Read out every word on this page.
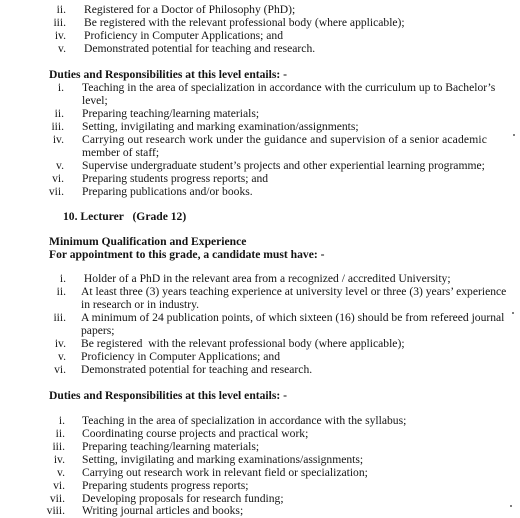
ii. Registered for a Doctor of Philosophy (PhD);
iii. Be registered with the relevant professional body (where applicable);
iv. Proficiency in Computer Applications; and
v. Demonstrated potential for teaching and research.
Duties and Responsibilities at this level entails: -
i. Teaching in the area of specialization in accordance with the curriculum up to Bachelor’s
level;
ii. Preparing teaching/learning materials;
iii. Setting, invigilating and marking examination/assignments;
iv. Carrying out research work under the guidance and supervision of a senior academic
member of staff;
v. Supervise undergraduate student’s projects and other experiential learning programme;
vi. Preparing students progress reports; and
vii. Preparing publications and/or books.
10. Lecturer   (Grade 12)
Minimum Qualification and Experience
For appointment to this grade, a candidate must have: -
i. Holder of a PhD in the relevant area from a recognized / accredited University;
ii. At least three (3) years teaching experience at university level or three (3) years’ experience
in research or in industry.
iii. A minimum of 24 publication points, of which sixteen (16) should be from refereed journal
papers;
iv. Be registered  with the relevant professional body (where applicable);
v. Proficiency in Computer Applications; and
vi. Demonstrated potential for teaching and research.
Duties and Responsibilities at this level entails: -
i. Teaching in the area of specialization in accordance with the syllabus;
ii. Coordinating course projects and practical work;
iii. Preparing teaching/learning materials;
iv. Setting, invigilating and marking examinations/assignments;
v. Carrying out research work in relevant field or specialization;
vi. Preparing students progress reports;
vii. Developing proposals for research funding;
viii. Writing journal articles and books;
